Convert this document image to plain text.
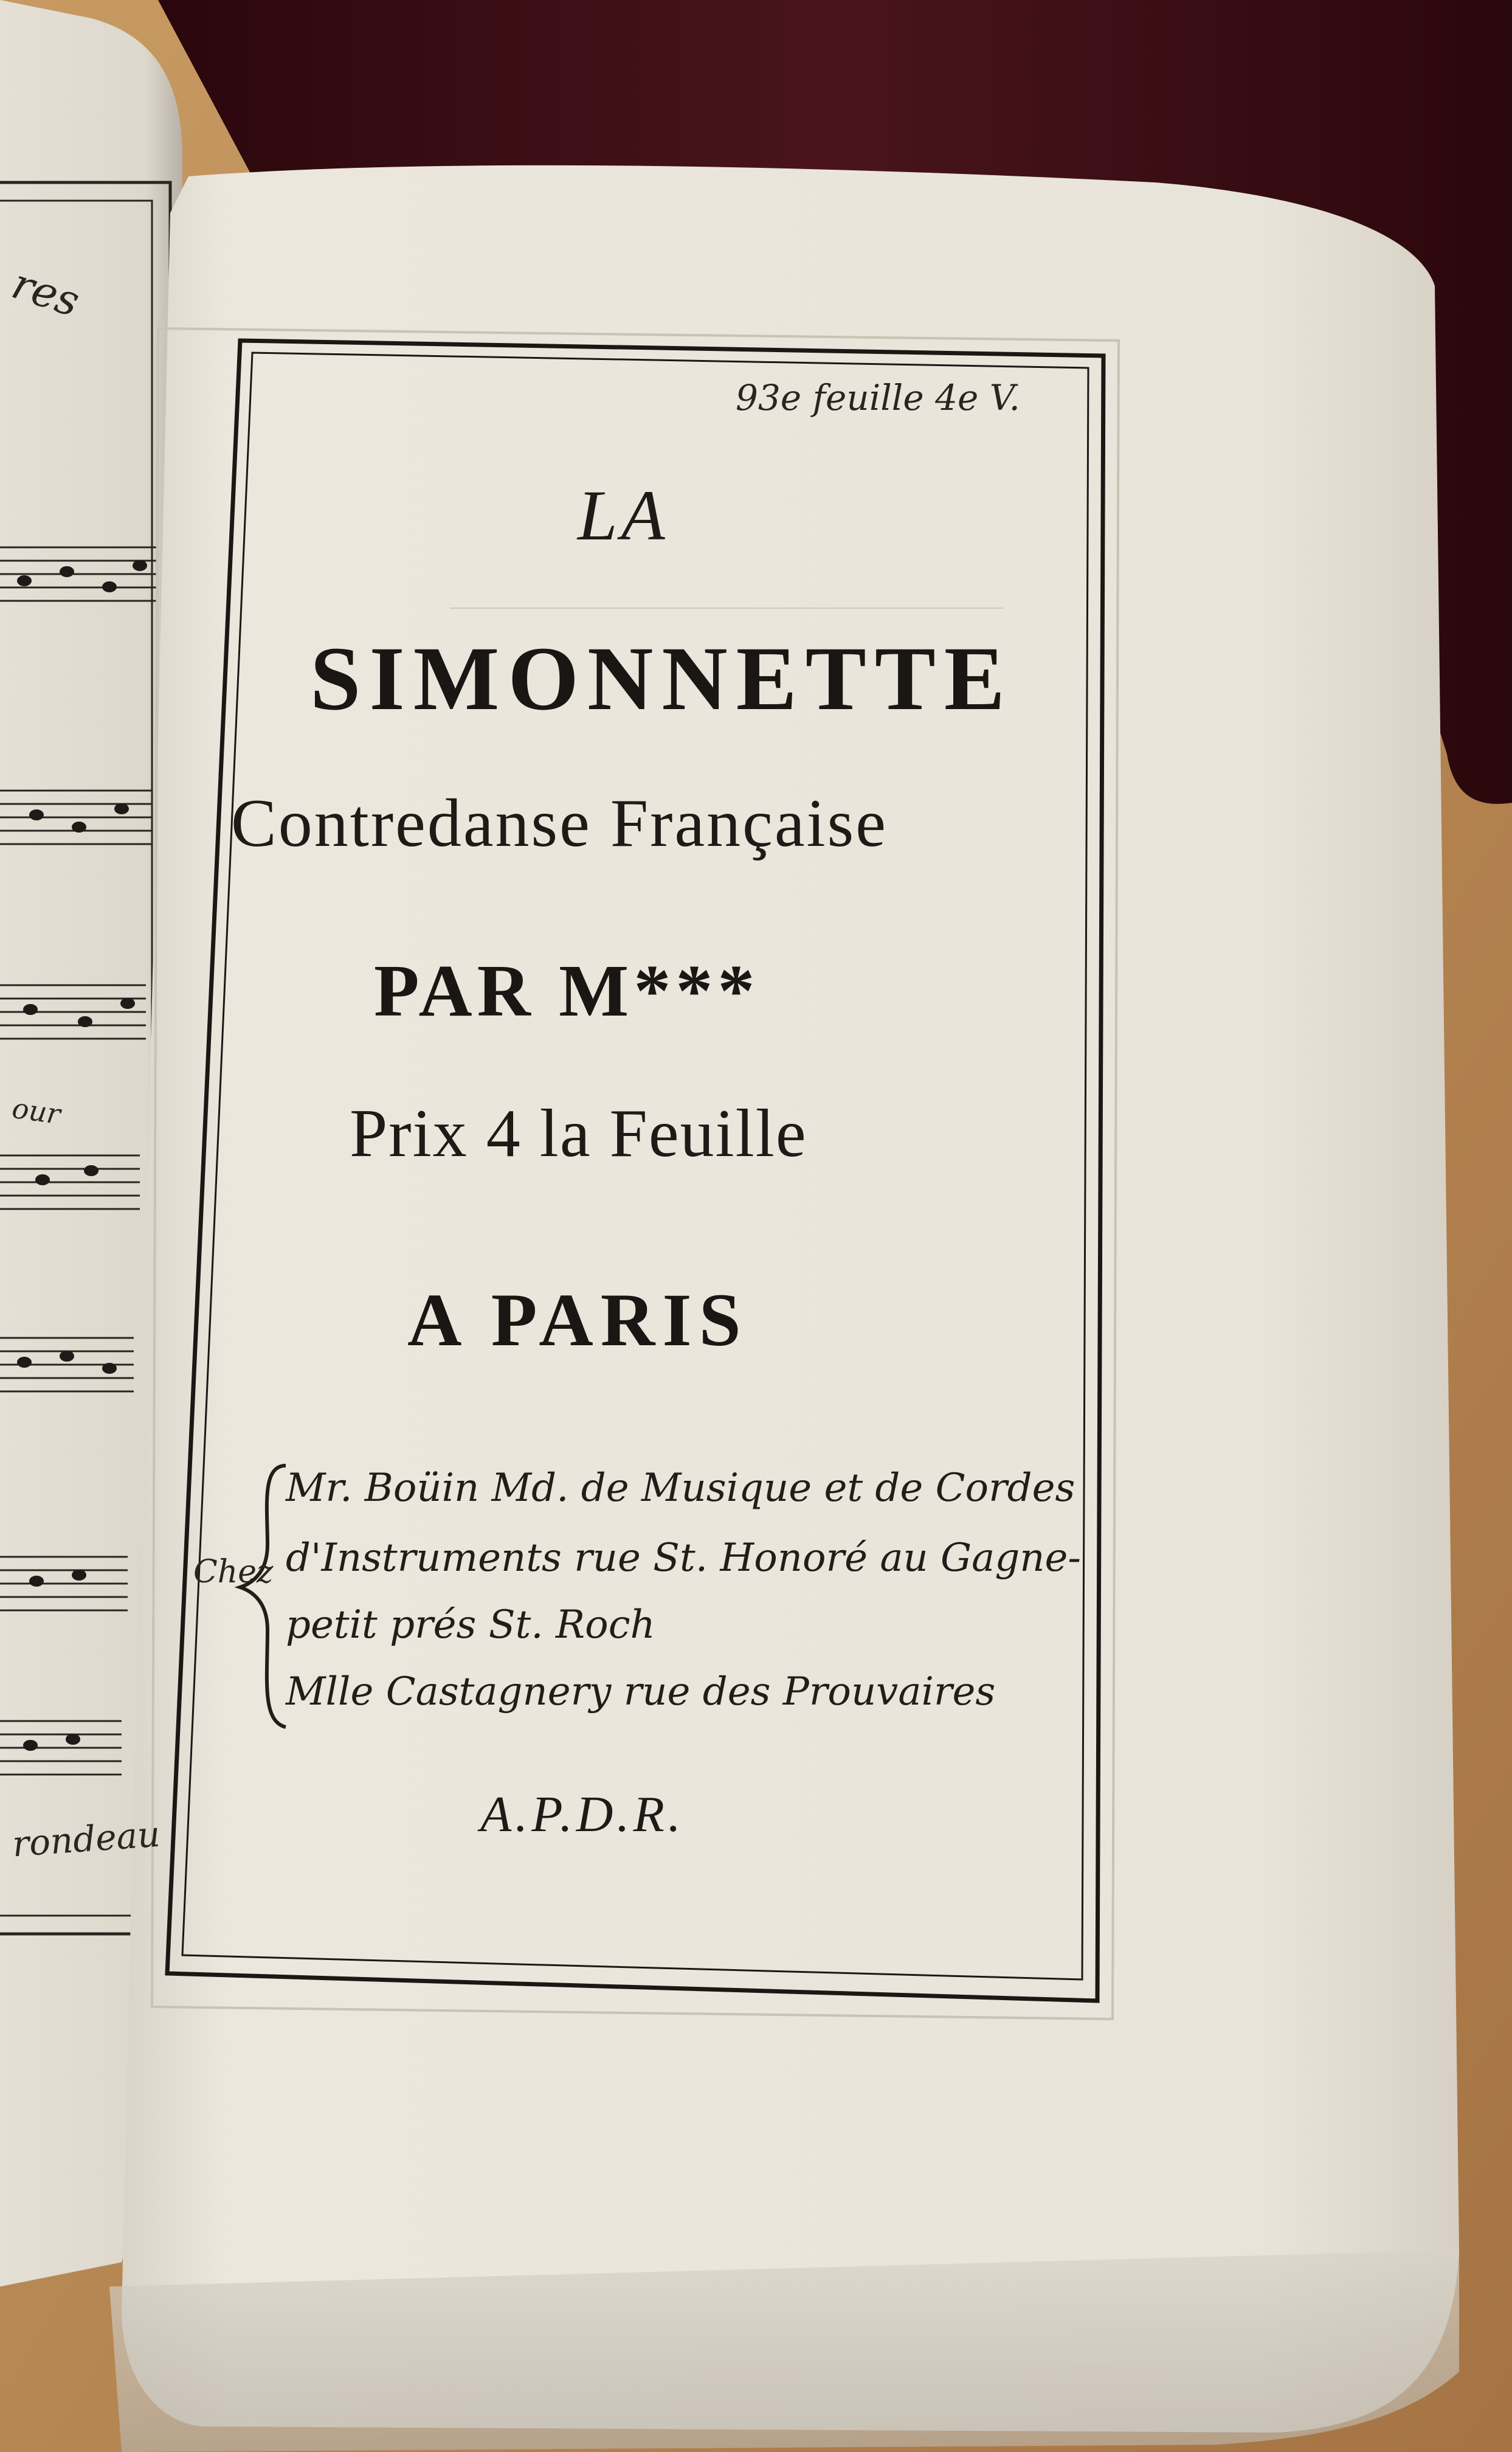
res
our
rondeau
93e feuille 4e V.
LA
SIMONNETTE
Contredanse Française
PAR M***
Prix 4 la Feuille
A PARIS
Chez
Mr. Boüin Md. de Musique et de Cordes
d'Instruments rue St. Honoré au Gagne-
petit prés St. Roch
Mlle Castagnery rue des Prouvaires
A.P.D.R.
